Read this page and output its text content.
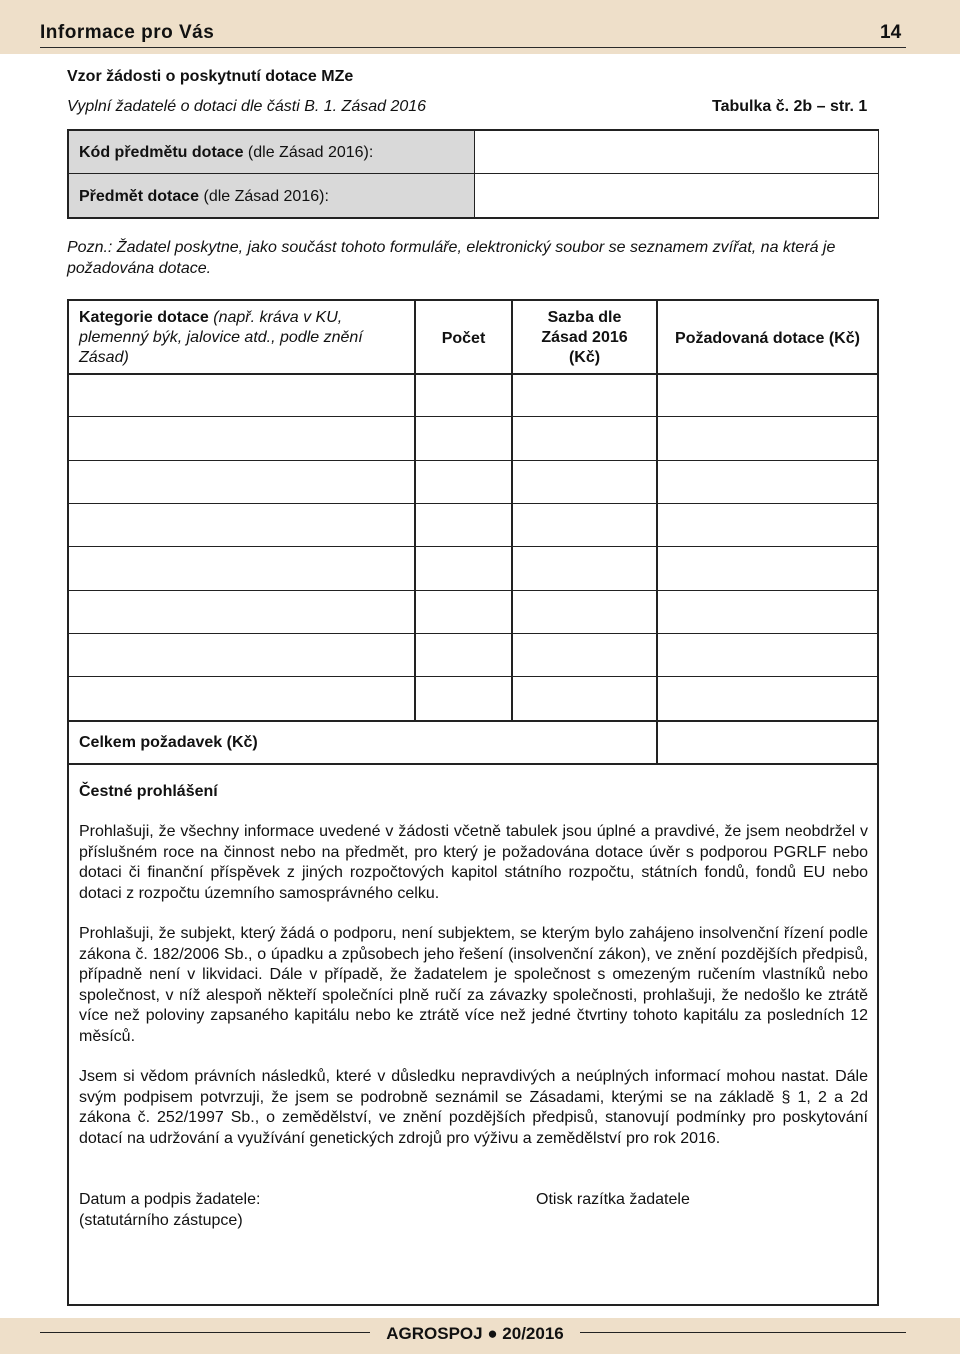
Informace pro Vás	14
Vzor žádosti o poskytnutí dotace MZe
Vyplní žadatelé o dotaci dle části B. 1. Zásad 2016	Tabulka č. 2b – str. 1
Kód předmětu dotace (dle Zásad 2016):
Předmět dotace (dle Zásad 2016):
Pozn.: Žadatel poskytne, jako součást tohoto formuláře, elektronický soubor se seznamem zvířat, na která je požadována dotace.
Kategorie dotace (např. kráva v KU, plemenný býk, jalovice atd., podle znění Zásad)
Počet
Sazba dle
Zásad 2016
(Kč)
Požadovaná dotace (Kč)
Celkem požadavek (Kč)
Čestné prohlášení
Prohlašuji, že všechny informace uvedené v žádosti včetně tabulek jsou úplné a pravdivé, že jsem neobdržel v příslušném roce na činnost nebo na předmět, pro který je požadována dotace úvěr s podporou PGRLF nebo dotaci či finanční příspěvek z jiných rozpočtových kapitol státního rozpočtu, státních fondů, fondů EU nebo dotaci z rozpočtu územního samosprávného celku.
Prohlašuji, že subjekt, který žádá o podporu, není subjektem, se kterým bylo zahájeno insolvenční řízení podle zákona č. 182/2006 Sb., o úpadku a způsobech jeho řešení (insolvenční zákon), ve znění pozdějších předpisů, případně není v likvidaci. Dále v případě, že žadatelem je společnost s omezeným ručením vlastníků nebo společnost, v níž alespoň někteří společníci plně ručí za závazky společnosti, prohlašuji, že nedošlo ke ztrátě více než poloviny zapsaného kapitálu nebo ke ztrátě více než jedné čtvrtiny tohoto kapitálu za posledních 12 měsíců.
Jsem si vědom právních následků, které v důsledku nepravdivých a neúplných informací mohou nastat. Dále svým podpisem potvrzuji, že jsem se podrobně seznámil se Zásadami, kterými se na základě § 1, 2 a 2d zákona č. 252/1997 Sb., o zemědělství, ve znění pozdějších předpisů, stanovují podmínky pro poskytování dotací na udržování a využívání genetických zdrojů pro výživu a zemědělství pro rok 2016.
Datum a podpis žadatele:
(statutárního zástupce)
Otisk razítka žadatele
AGROSPOJ ● 20/2016
